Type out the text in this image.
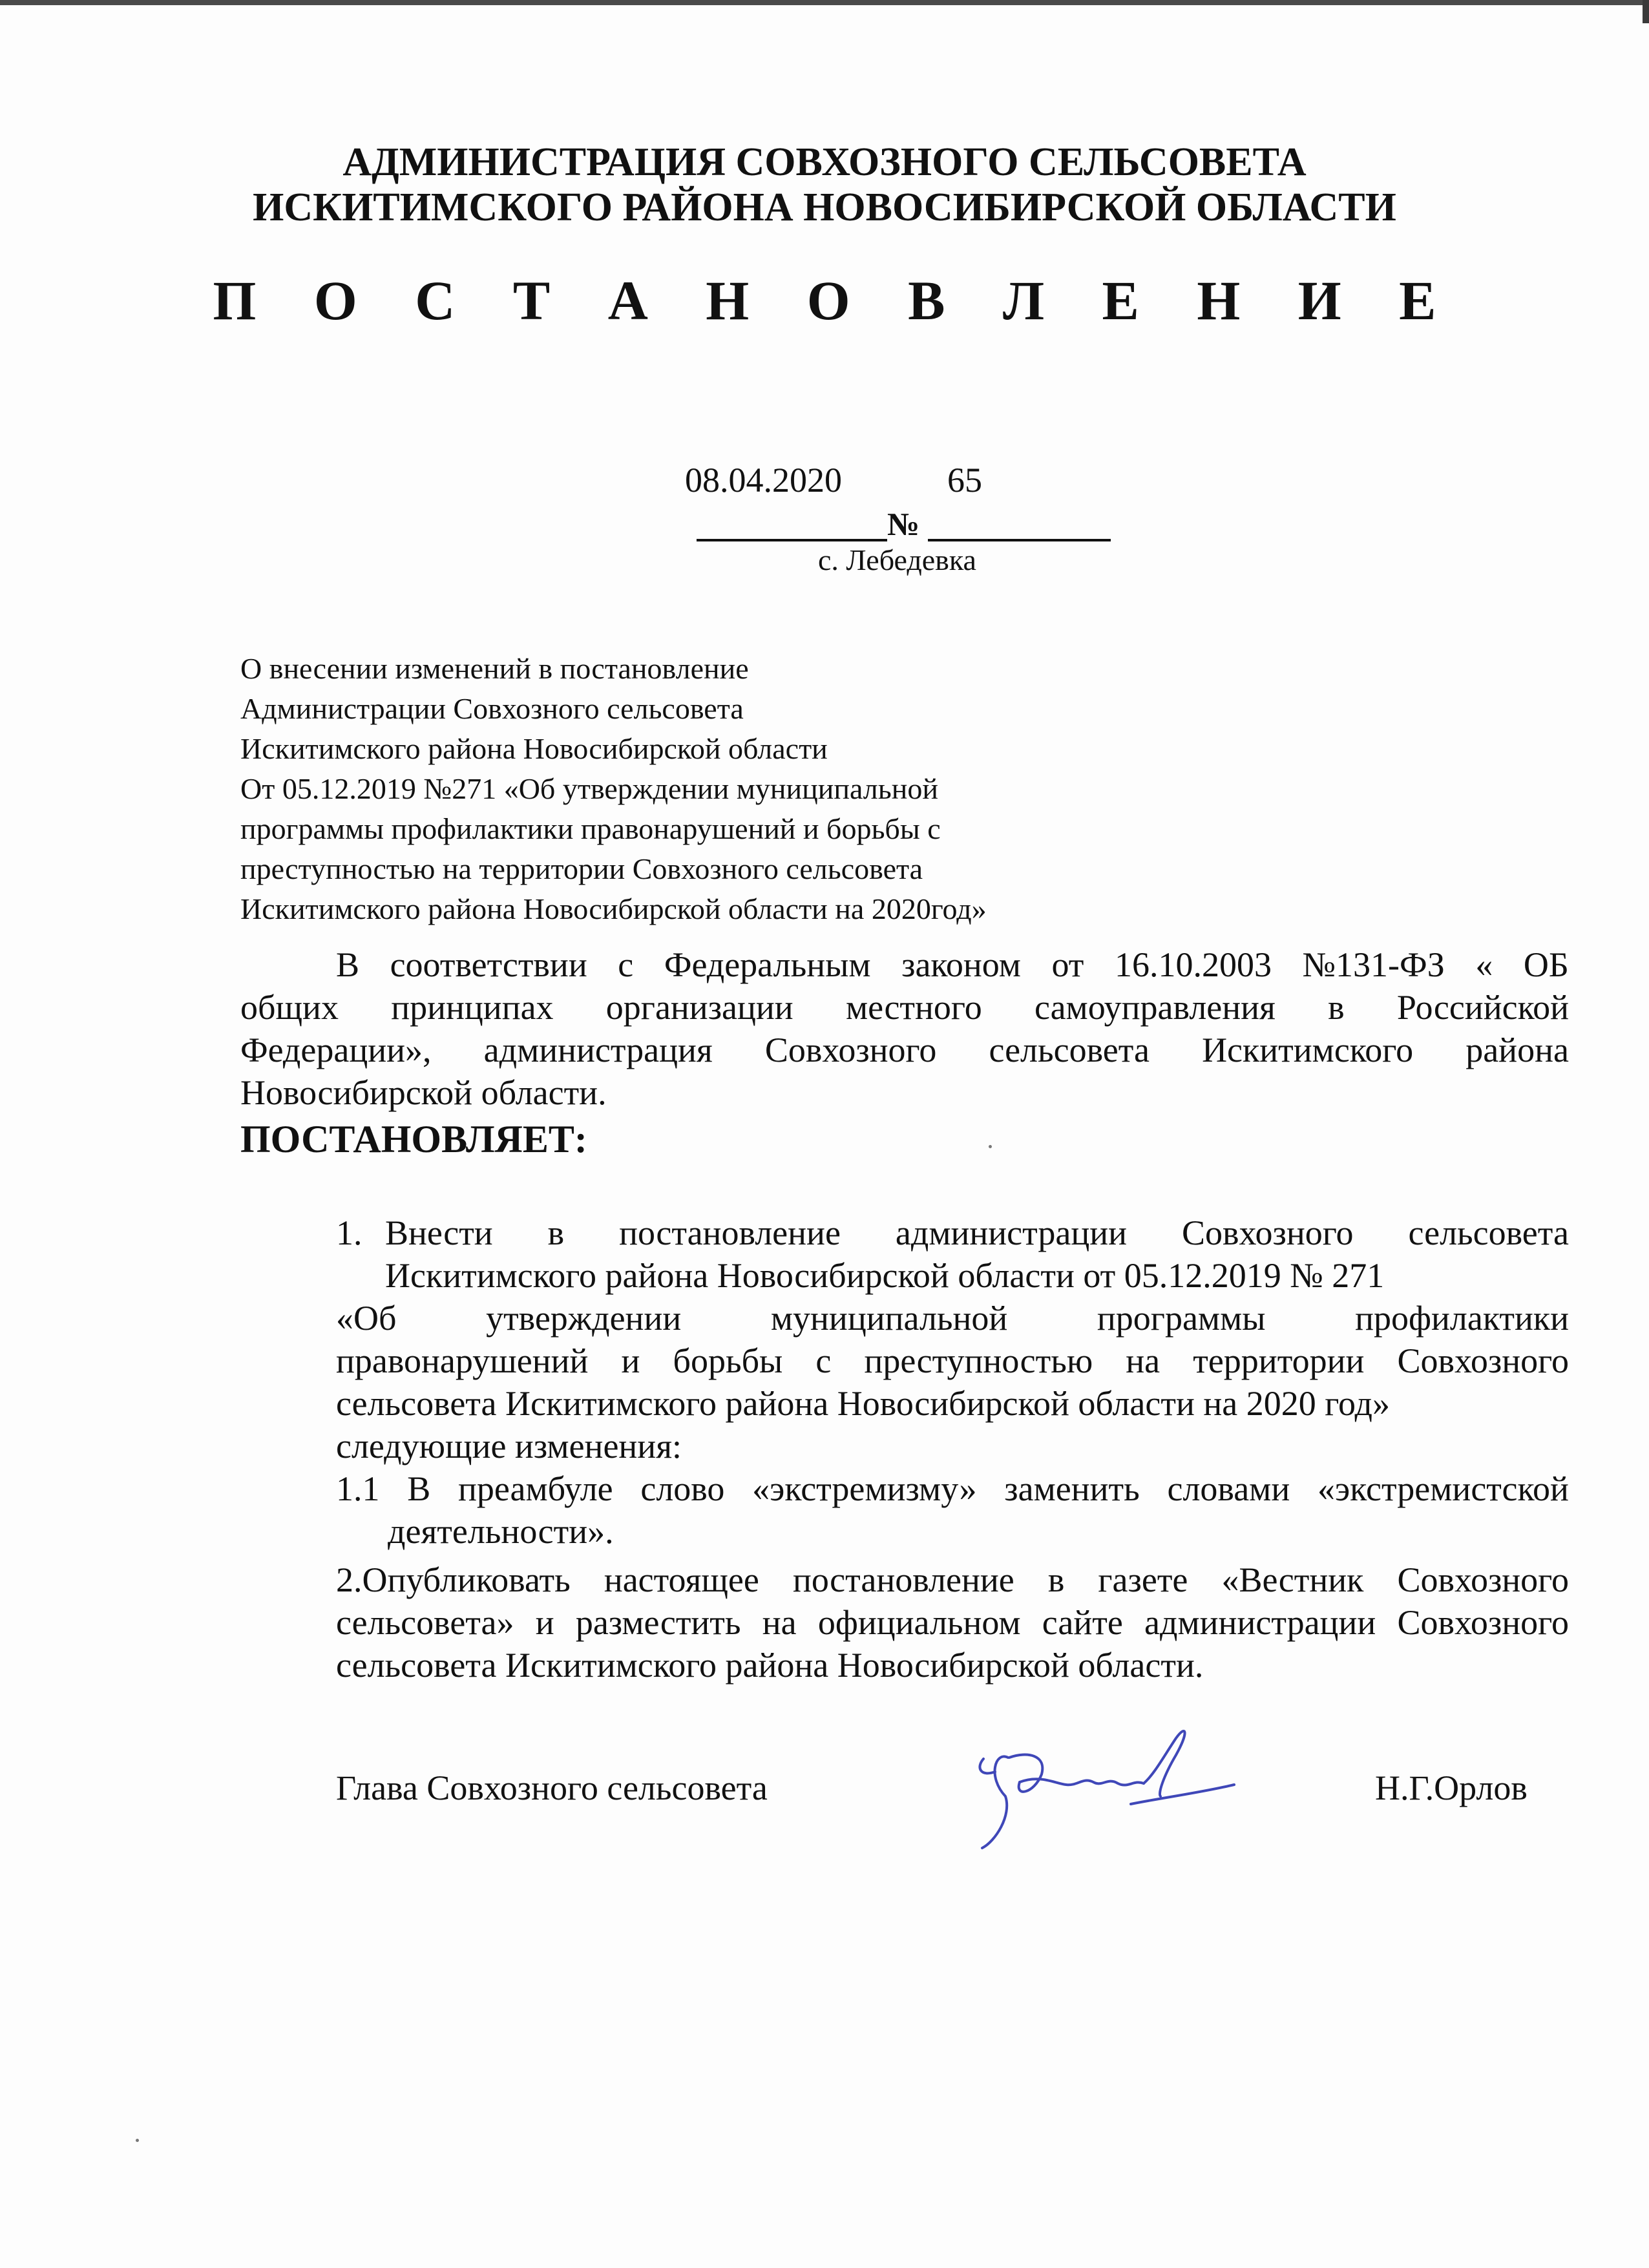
АДМИНИСТРАЦИЯ СОВХОЗНОГО СЕЛЬСОВЕТА

ИСКИТИМСКОГО РАЙОНА НОВОСИБИРСКОЙ ОБЛАСТИ

П О С Т А Н О В Л Е Н И Е

08.04.2020	65

№

с. Лебедевка

О внесении изменений в постановление
Администрации Совхозного сельсовета
Искитимского района Новосибирской области
От 05.12.2019 №271 «Об утверждении муниципальной
программы профилактики правонарушений и борьбы с
преступностью на территории Совхозного сельсовета
Искитимского района Новосибирской области на 2020год»
В соответствии с Федеральным законом от 16.10.2003 №131-ФЗ « ОБ
общих принципах организации местного самоуправления в Российской
Федерации», администрация Совхозного сельсовета Искитимского района
Новосибирской области.

ПОСТАНОВЛЯЕТ:

1. Внести в постановление администрации Совхозного сельсовета
Искитимского района Новосибирской области от 05.12.2019 № 271
«Об	утверждении	муниципальной	программы	профилактики
правонарушений и борьбы с преступностью на территории Совхозного
сельсовета Искитимского района Новосибирской области на 2020 год»
следующие изменения:
1.1 В преамбуле слово «экстремизму» заменить словами «экстремистской
деятельности».
2.Опубликовать настоящее постановление в газете «Вестник Совхозного
сельсовета» и разместить на официальном сайте администрации Совхозного
сельсовета Искитимского района Новосибирской области.

Глава Совхозного сельсовета	Н.Г.Орлов
